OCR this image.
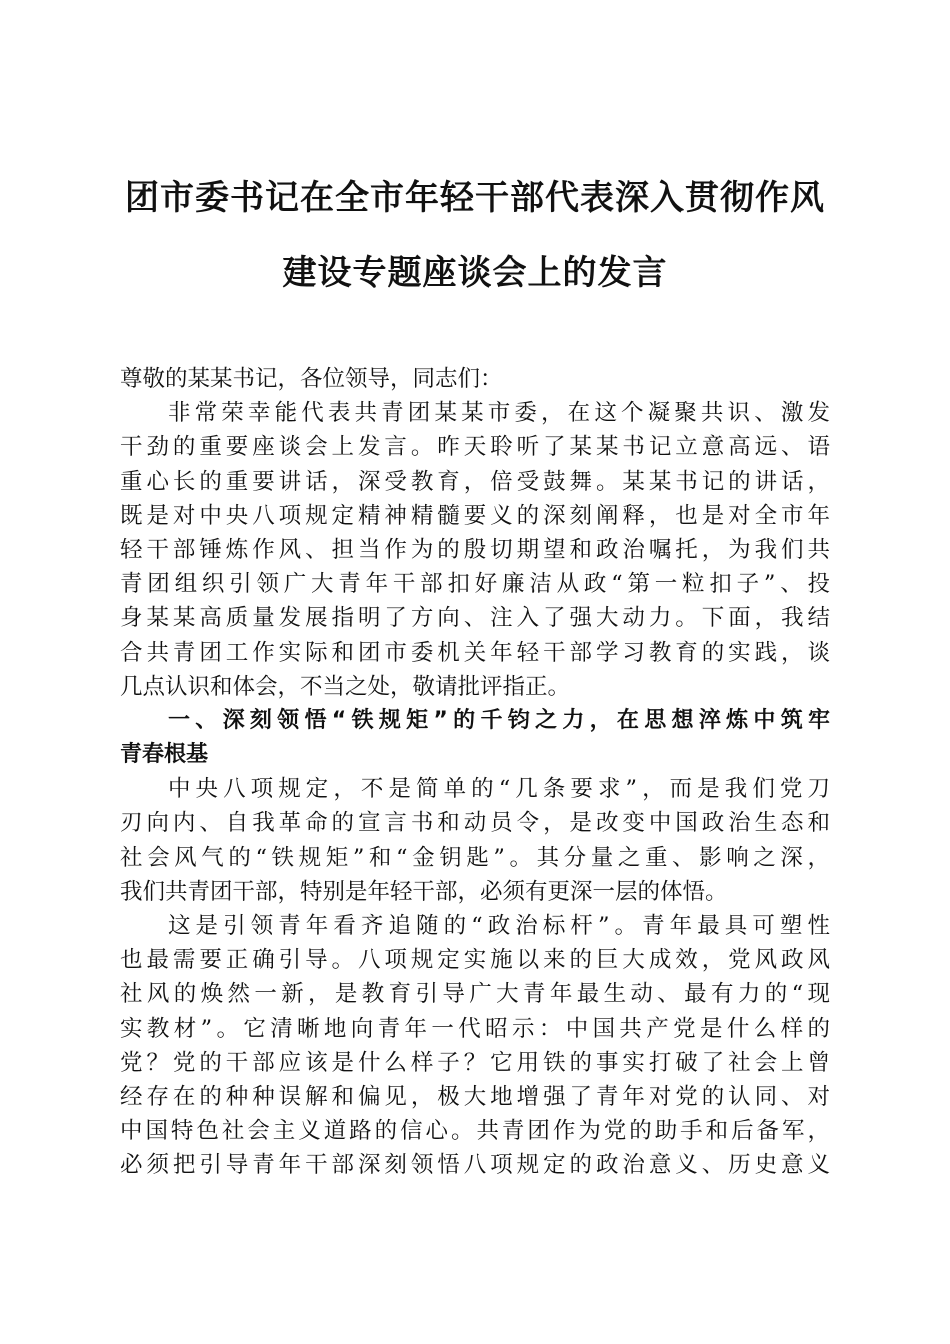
团市委书记在全市年轻干部代表深入贯彻作风
建设专题座谈会上的发言
尊敬的某某书记，各位领导，同志们：
非常荣幸能代表共青团某某市委，在这个凝聚共识、激发
干劲的重要座谈会上发言。昨天聆听了某某书记立意高远、语
重心长的重要讲话，深受教育，倍受鼓舞。某某书记的讲话，
既是对中央八项规定精神精髓要义的深刻阐释，也是对全市年
轻干部锤炼作风、担当作为的殷切期望和政治嘱托，为我们共
青团组织引领广大青年干部扣好廉洁从政“第一粒扣子”、投
身某某高质量发展指明了方向、注入了强大动力。下面，我结
合共青团工作实际和团市委机关年轻干部学习教育的实践，谈
几点认识和体会，不当之处，敬请批评指正。
一、深刻领悟“铁规矩”的千钧之力，在思想淬炼中筑牢
青春根基
中央八项规定，不是简单的“几条要求”，而是我们党刀
刃向内、自我革命的宣言书和动员令，是改变中国政治生态和
社会风气的“铁规矩”和“金钥匙”。其分量之重、影响之深，
我们共青团干部，特别是年轻干部，必须有更深一层的体悟。
这是引领青年看齐追随的“政治标杆”。青年最具可塑性
也最需要正确引导。八项规定实施以来的巨大成效，党风政风
社风的焕然一新，是教育引导广大青年最生动、最有力的“现
实教材”。它清晰地向青年一代昭示：中国共产党是什么样的
党？党的干部应该是什么样子？它用铁的事实打破了社会上曾
经存在的种种误解和偏见，极大地增强了青年对党的认同、对
中国特色社会主义道路的信心。共青团作为党的助手和后备军，
必须把引导青年干部深刻领悟八项规定的政治意义、历史意义
